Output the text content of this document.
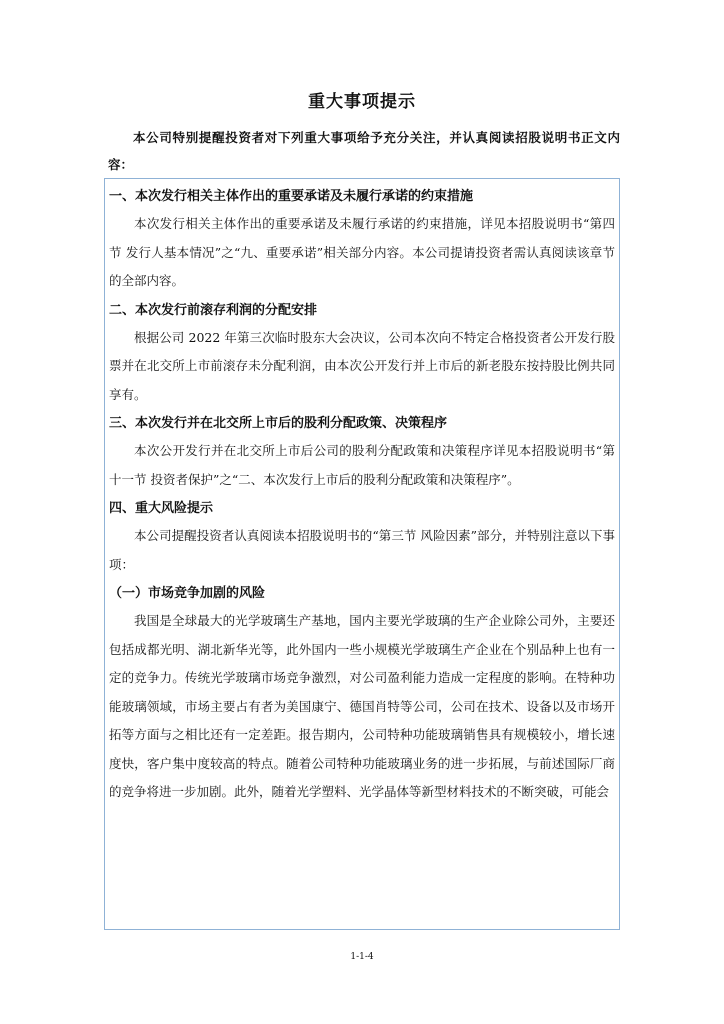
重大事项提示
本公司特别提醒投资者对下列重大事项给予充分关注，并认真阅读招股说明书正文内容：

一、本次发行相关主体作出的重要承诺及未履行承诺的约束措施

本次发行相关主体作出的重要承诺及未履行承诺的约束措施，详见本招股说明书“第四节 发行人基本情况”之“九、重要承诺”相关部分内容。本公司提请投资者需认真阅读该章节的全部内容。

二、本次发行前滚存利润的分配安排

根据公司 2022 年第三次临时股东大会决议，公司本次向不特定合格投资者公开发行股票并在北交所上市前滚存未分配利润，由本次公开发行并上市后的新老股东按持股比例共同享有。

三、本次发行并在北交所上市后的股利分配政策、决策程序

本次公开发行并在北交所上市后公司的股利分配政策和决策程序详见本招股说明书“第十一节 投资者保护”之“二、本次发行上市后的股利分配政策和决策程序”。

四、重大风险提示

本公司提醒投资者认真阅读本招股说明书的“第三节 风险因素”部分，并特别注意以下事项：

（一）市场竞争加剧的风险

我国是全球最大的光学玻璃生产基地，国内主要光学玻璃的生产企业除公司外，主要还包括成都光明、湖北新华光等，此外国内一些小规模光学玻璃生产企业在个别品种上也有一定的竞争力。传统光学玻璃市场竞争激烈，对公司盈利能力造成一定程度的影响。在特种功能玻璃领域，市场主要占有者为美国康宁、德国肖特等公司，公司在技术、设备以及市场开拓等方面与之相比还有一定差距。报告期内，公司特种功能玻璃销售具有规模较小，增长速度快，客户集中度较高的特点。随着公司特种功能玻璃业务的进一步拓展，与前述国际厂商的竞争将进一步加剧。此外，随着光学塑料、光学晶体等新型材料技术的不断突破，可能会

1-1-4
